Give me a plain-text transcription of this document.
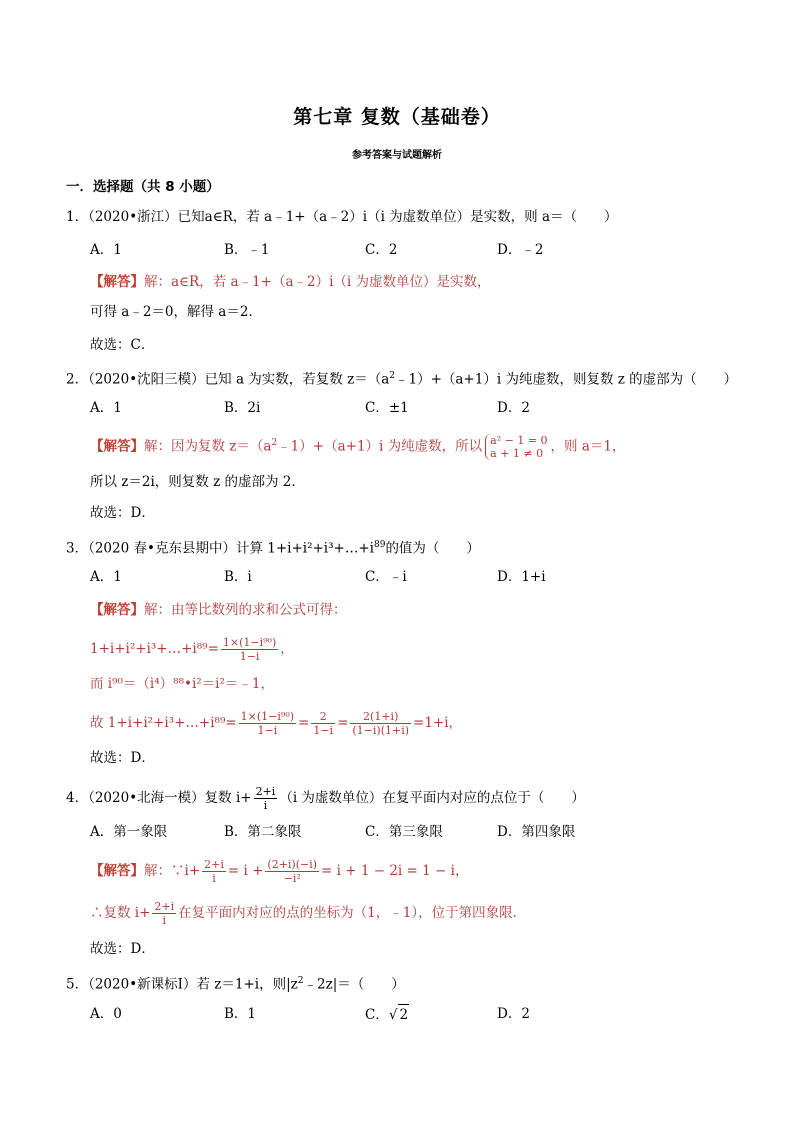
第七章 复数（基础卷）
参考答案与试题解析
一．选择题（共 8 小题）
1．（2020•浙江）已知a∈R，若 a﹣1+（a﹣2）i（i 为虚数单位）是实数，则 a＝（　　）
A．1	B．﹣1	C．2	D．﹣2
【解答】解：a∈R，若 a﹣1+（a﹣2）i（i 为虚数单位）是实数，
可得 a﹣2＝0，解得 a＝2．
故选：C．
2．（2020•沈阳三模）已知 a 为实数，若复数 $z=(a^2﹣1)+(a+1)i$ 为纯虚数，则复数 z 的虚部为（　　）
A．1	B．2i	C．±1	D．2
【解答】解：因为复数 $z=(a^2﹣1)+(a+1)i$ 为纯虚数，所以 a² − 1 = 0
a + 1 ≠ 0 ，则 a＝1，
所以 z＝2i，则复数 z 的虚部为 2．
故选：D．
3．（2020 春•克东县期中）计算 $1+i+i^2+i^3+\dots+i^{89}$的值为（　　）
A．1	B．i	C．﹣i	D．1+i
【解答】解：由等比数列的求和公式可得：
1+i+i²+i³+…+i⁸⁹= $\frac{\text{1×(1−i⁹⁰)}}{1-i}$ ，
而 i⁹⁰＝（i⁴）⁸⁸•i²＝i²＝﹣1，
故 1+i+i²+i³+…+i⁸⁹= $\frac{\text{1×(1−i⁹⁰)}}{1-i} = \frac{2}{1-i} = \frac{2(1+i)}{(1-i)(1+i)} =1+i$，
故选：D．
4．（2020•北海一模）复数 $i+ \frac{2+i}{i} (i$ 为虚数单位）在复平面内对应的点位于（　　）
A．第一象限	B．第二象限	C．第三象限	D．第四象限
【解答】解：∵i+ $\frac{2+i}{i} = i + \frac{(2+i)(-i)}{\text{−i²}} = i + 1 - 2i = 1 - i$，
∴复数 $i+ \frac{2+i}{i}$ 在复平面内对应的点的坐标为（1，﹣1），位于第四象限．
故选：D．
5．（2020•新课标Ⅰ）若 z＝1+i，则$|z^2﹣2z|=$（　　）
A．0	B．1	C．√ 2	D．2
